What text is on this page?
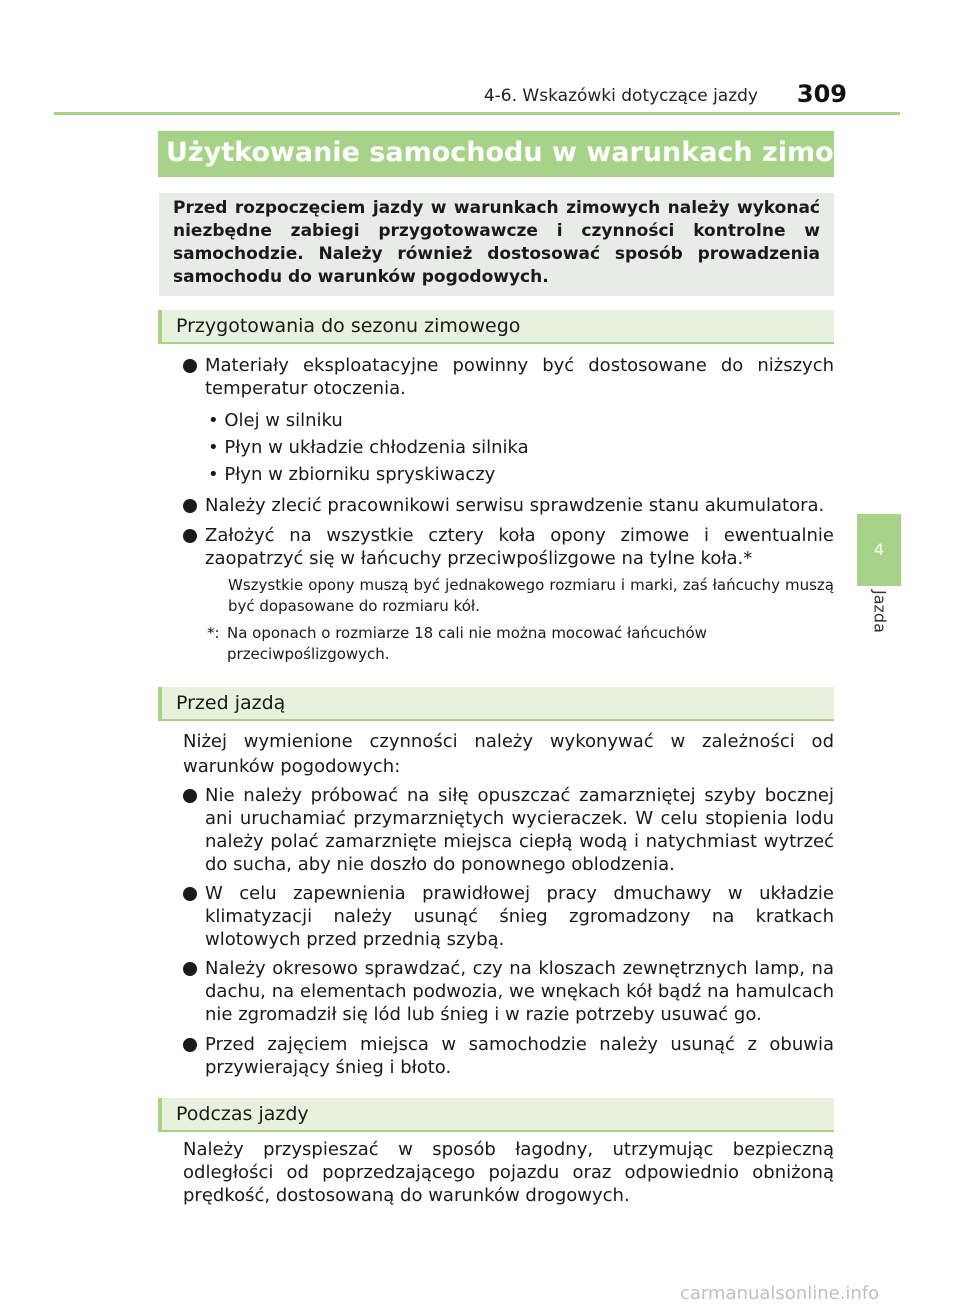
4-6. Wskazówki dotyczące jazdy 309
4
Jazda
Użytkowanie samochodu w warunkach zimowych
Przed rozpoczęciem jazdy w warunkach zimowych należy wykonać niezbędne zabiegi przygotowawcze i czynności kontrolne w samochodzie. Należy również dostosować sposób prowadzenia samochodu do warunków pogodowych.
Przygotowania do sezonu zimowego
Materiały eksploatacyjne powinny być dostosowane do niższych temperatur otoczenia.
• Olej w silniku
• Płyn w układzie chłodzenia silnika
• Płyn w zbiorniku spryskiwaczy
Należy zlecić pracownikowi serwisu sprawdzenie stanu akumulatora.
Założyć na wszystkie cztery koła opony zimowe i ewentualnie zaopatrzyć się w łańcuchy przeciwpoślizgowe na tylne koła.*
Wszystkie opony muszą być jednakowego rozmiaru i marki, zaś łańcuchy muszą być dopasowane do rozmiaru kół.
*: Na oponach o rozmiarze 18 cali nie można mocować łańcuchów przeciwpoślizgowych.
Przed jazdą
Niżej wymienione czynności należy wykonywać w zależności od warunków pogodowych:
Nie należy próbować na siłę opuszczać zamarzniętej szyby bocznej ani uruchamiać przymarzniętych wycieraczek. W celu stopienia lodu należy polać zamarznięte miejsca ciepłą wodą i natychmiast wytrzeć do sucha, aby nie doszło do ponownego oblodzenia.
W celu zapewnienia prawidłowej pracy dmuchawy w układzie klimatyzacji należy usunąć śnieg zgromadzony na kratkach wlotowych przed przednią szybą.
Należy okresowo sprawdzać, czy na kloszach zewnętrznych lamp, na dachu, na elementach podwozia, we wnękach kół bądź na hamulcach nie zgromadził się lód lub śnieg i w razie potrzeby usuwać go.
Przed zajęciem miejsca w samochodzie należy usunąć z obuwia przywierający śnieg i błoto.
Podczas jazdy
Należy przyspieszać w sposób łagodny, utrzymując bezpieczną odległości od poprzedzającego pojazdu oraz odpowiednio obniżoną prędkość, dostosowaną do warunków drogowych.
carmanualsonline.info
